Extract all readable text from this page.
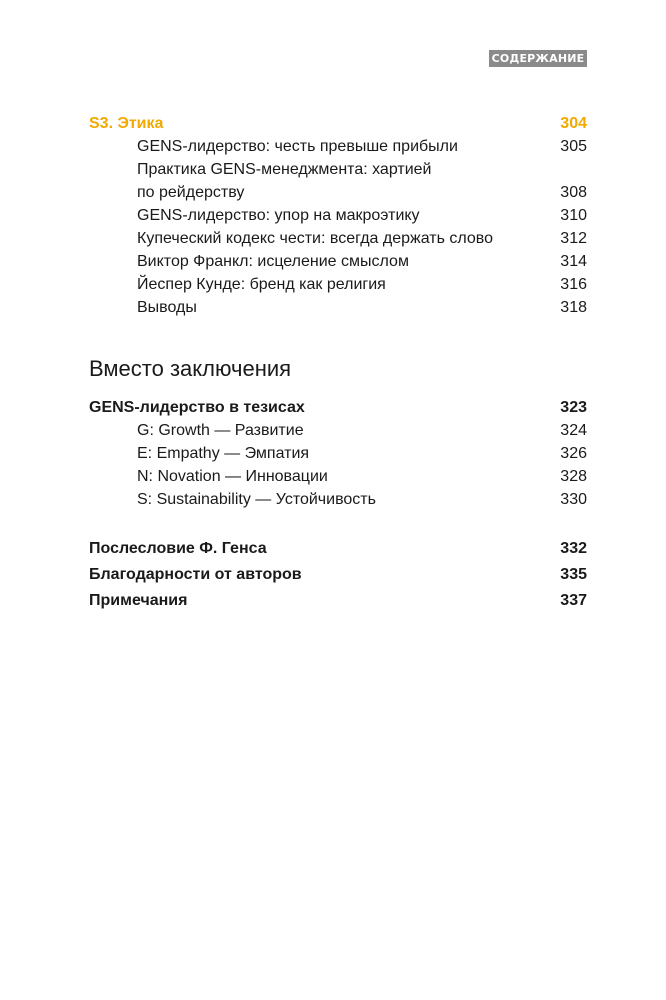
СОДЕРЖАНИЕ
S3. Этика	304
GENS-лидерство: честь превыше прибыли	305
Практика GENS-менеджмента: хартией
по рейдерству	308
GENS-лидерство: упор на макроэтику	310
Купеческий кодекс чести: всегда держать слово	312
Виктор Франкл: исцеление смыслом	314
Йеспер Кунде: бренд как религия	316
Выводы	318
Вместо заключения
GENS-лидерство в тезисах	323
G: Growth — Развитие	324
E: Empathy — Эмпатия	326
N: Novation — Инновации	328
S: Sustainability — Устойчивость	330
Послесловие Ф. Генса	332
Благодарности от авторов	335
Примечания	337
